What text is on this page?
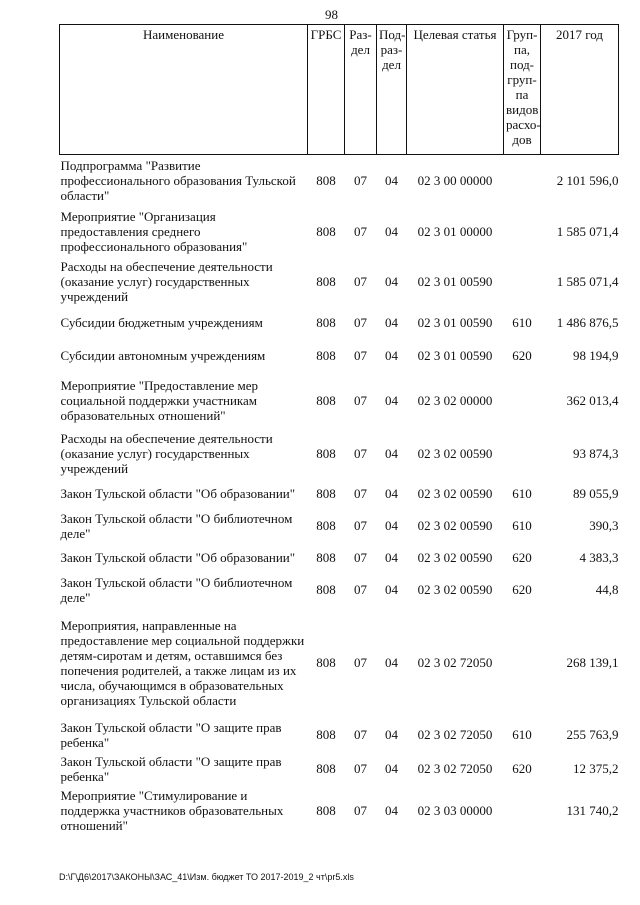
98
Наименование	ГРБС	Раз-дел	Под-раз-дел	Целевая статья	Груп-па, под-груп-па видов расхо-дов	2017 год
Подпрограмма "Развитие профессионального образования Тульской области"	808	07	04	02 3 00 00000		2 101 596,0
Мероприятие "Организация предоставления среднего профессионального образования"	808	07	04	02 3 01 00000		1 585 071,4
Расходы на обеспечение деятельности (оказание услуг) государственных учреждений	808	07	04	02 3 01 00590		1 585 071,4
Субсидии бюджетным учреждениям	808	07	04	02 3 01 00590	610	1 486 876,5
Субсидии автономным учреждениям	808	07	04	02 3 01 00590	620	98 194,9
Мероприятие "Предоставление мер социальной поддержки участникам образовательных отношений"	808	07	04	02 3 02 00000		362 013,4
Расходы на обеспечение деятельности (оказание услуг) государственных учреждений	808	07	04	02 3 02 00590		93 874,3
Закон Тульской области "Об образовании"	808	07	04	02 3 02 00590	610	89 055,9
Закон Тульской области "О библиотечном деле"	808	07	04	02 3 02 00590	610	390,3
Закон Тульской области "Об образовании"	808	07	04	02 3 02 00590	620	4 383,3
Закон Тульской области "О библиотечном деле"	808	07	04	02 3 02 00590	620	44,8
Мероприятия, направленные на предоставление мер социальной поддержки детям-сиротам и детям, оставшимся без попечения родителей, а также лицам из их числа, обучающимся в образовательных организациях Тульской области	808	07	04	02 3 02 72050		268 139,1
Закон Тульской области "О защите прав ребенка"	808	07	04	02 3 02 72050	610	255 763,9
Закон Тульской области "О защите прав ребенка"	808	07	04	02 3 02 72050	620	12 375,2
Мероприятие "Стимулирование и поддержка участников образовательных отношений"	808	07	04	02 3 03 00000		131 740,2
D:\Г\Д6\2017\ЗАКОНЫ\ЗАС_41\Изм. бюджет ТО 2017-2019_2 чт\pr5.xls
